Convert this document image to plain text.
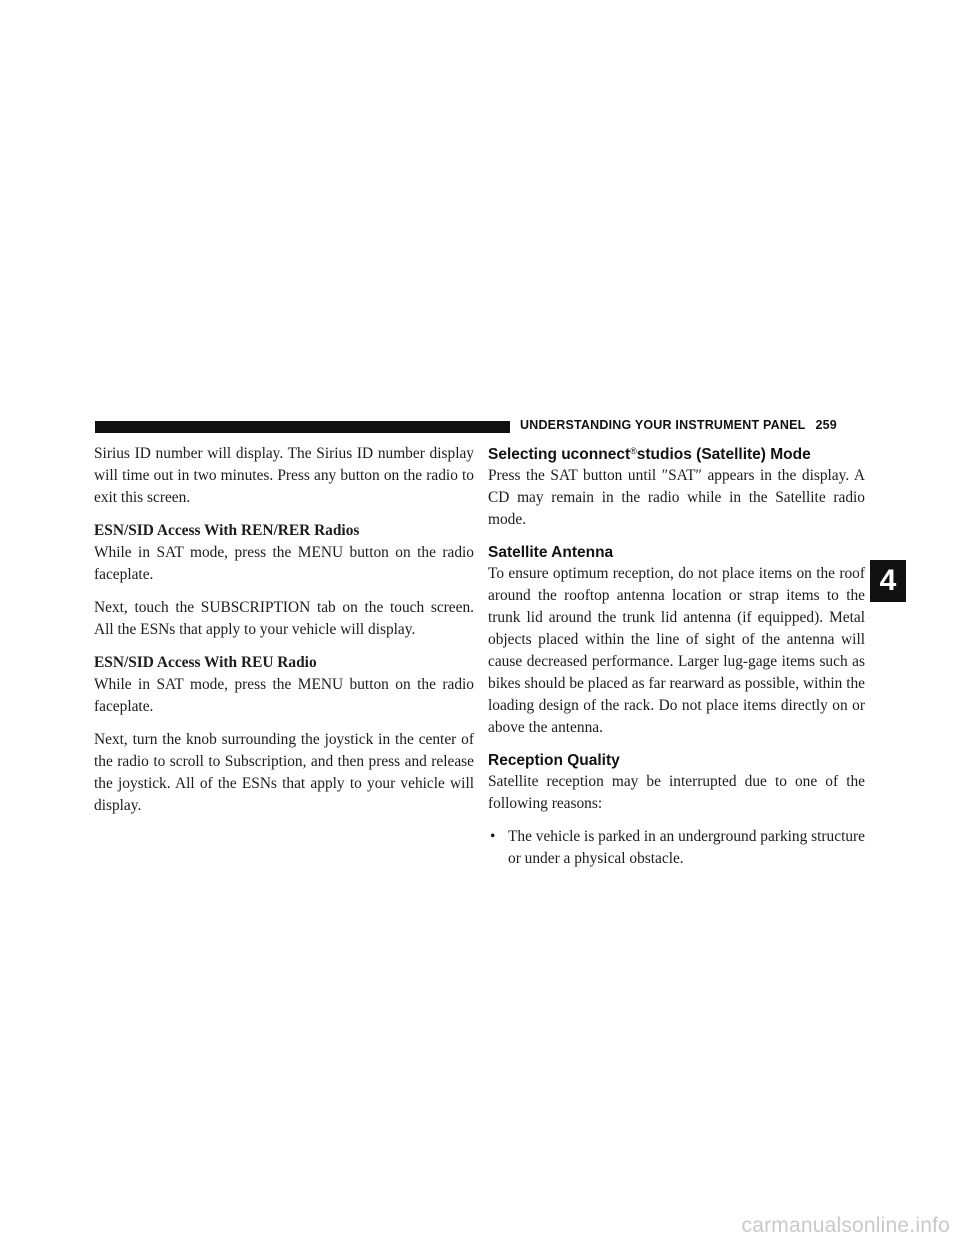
UNDERSTANDING YOUR INSTRUMENT PANEL 259

Sirius ID number will display. The Sirius ID number display will time out in two minutes. Press any button on the radio to exit this screen.

ESN/SID Access With REN/RER Radios
While in SAT mode, press the MENU button on the radio faceplate.

Next, touch the SUBSCRIPTION tab on the touch screen. All the ESNs that apply to your vehicle will display.

ESN/SID Access With REU Radio
While in SAT mode, press the MENU button on the radio faceplate.

Next, turn the knob surrounding the joystick in the center of the radio to scroll to Subscription, and then press and release the joystick. All of the ESNs that apply to your vehicle will display.

Selecting uconnect®studios (Satellite) Mode

Press the SAT button until ″SAT″ appears in the display. A CD may remain in the radio while in the Satellite radio mode.

Satellite Antenna

To ensure optimum reception, do not place items on the roof around the rooftop antenna location or strap items to the trunk lid around the trunk lid antenna (if equipped). Metal objects placed within the line of sight of the antenna will cause decreased performance. Larger lug-gage items such as bikes should be placed as far rearward as possible, within the loading design of the rack. Do not place items directly on or above the antenna.

Reception Quality

Satellite reception may be interrupted due to one of the following reasons:

• The vehicle is parked in an underground parking structure or under a physical obstacle.
4
carmanualsonline.info
